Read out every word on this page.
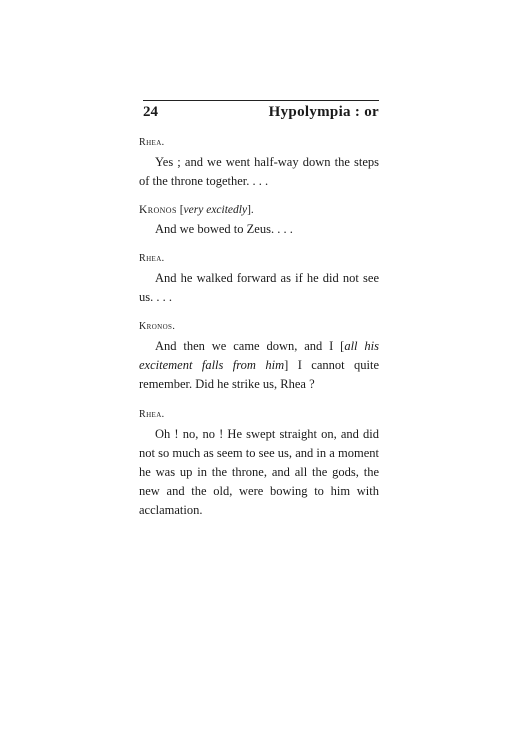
24	Hypolympia : or

Rhea.

Yes ; and we went half-way down the steps of the throne together. . . .

Kronos [very excitedly].

And we bowed to Zeus. . . .

Rhea.

And he walked forward as if he did not see us. . . .

Kronos.

And then we came down, and I [all his excitement falls from him] I cannot quite remember. Did he strike us, Rhea ?

Rhea.

Oh ! no, no ! He swept straight on, and did not so much as seem to see us, and in a moment he was up in the throne, and all the gods, the new and the old, were bowing to him with acclamation.
